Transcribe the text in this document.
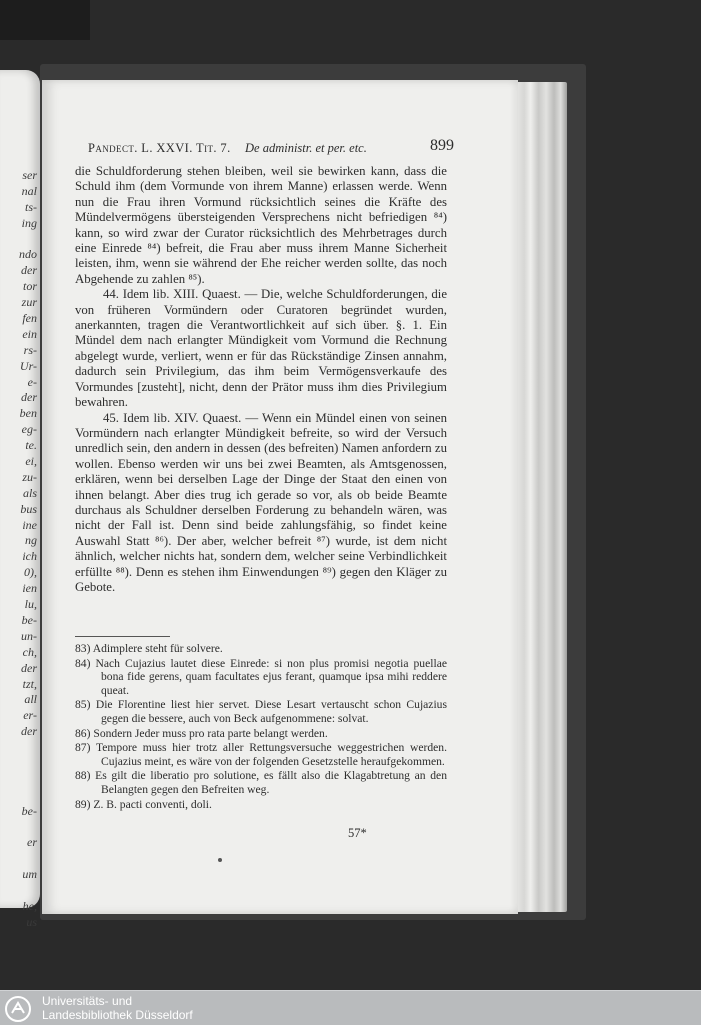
ser
nal
ts-
ing
ndo
der
tor
zur
fen
ein
rs-
Ur-
e-
der
ben
eg-
te.
ei,
zu-
als
bus
ine
ng
ich
0),
ien
lu,
be-
un-
ch,
der
tzt,
all
er-
der
be-
er
um
he,
us
Pandect. L. XXVI. Tit. 7. De administr. et per. etc.	899

die Schuldforderung stehen bleiben, weil sie bewirken kann, dass die Schuld ihm (dem Vormunde von ihrem Manne) erlassen werde. Wenn nun die Frau ihren Vormund rücksichtlich seines die Kräfte des Mündelvermögens übersteigenden Versprechens nicht befriedigen ⁸⁴) kann, so wird zwar der Curator rücksichtlich des Mehrbetrages durch eine Einrede ⁸⁴) befreit, die Frau aber muss ihrem Manne Sicherheit leisten, ihm, wenn sie während der Ehe reicher werden sollte, das noch Abgehende zu zahlen ⁸⁵).

44. Idem lib. XIII. Quaest. — Die, welche Schuldforderungen, die von früheren Vormündern oder Curatoren begründet wurden, anerkannten, tragen die Verantwortlichkeit auf sich über. §. 1. Ein Mündel dem nach erlangter Mündigkeit vom Vormund die Rechnung abgelegt wurde, verliert, wenn er für das Rückständige Zinsen annahm, dadurch sein Privilegium, das ihm beim Vermögensverkaufe des Vormundes [zusteht], nicht, denn der Prätor muss ihm dies Privilegium bewahren.

45. Idem lib. XIV. Quaest. — Wenn ein Mündel einen von seinen Vormündern nach erlangter Mündigkeit befreite, so wird der Versuch unredlich sein, den andern in dessen (des befreiten) Namen anfordern zu wollen. Ebenso werden wir uns bei zwei Beamten, als Amtsgenossen, erklären, wenn bei derselben Lage der Dinge der Staat den einen von ihnen belangt. Aber dies trug ich gerade so vor, als ob beide Beamte durchaus als Schuldner derselben Forderung zu behandeln wären, was nicht der Fall ist. Denn sind beide zahlungsfähig, so findet keine Auswahl Statt ⁸⁶). Der aber, welcher befreit ⁸⁷) wurde, ist dem nicht ähnlich, welcher nichts hat, sondern dem, welcher seine Verbindlichkeit erfüllte ⁸⁸). Denn es stehen ihm Einwendungen ⁸⁹) gegen den Kläger zu Gebote.

83) Adimplere steht für solvere.
84) Nach Cujazius lautet diese Einrede: si non plus promisi negotia puellae bona fide gerens, quam facultates ejus ferant, quamque ipsa mihi reddere queat.
85) Die Florentine liest hier servet. Diese Lesart vertauscht schon Cujazius gegen die bessere, auch von Beck aufgenommene: solvat.
86) Sondern Jeder muss pro rata parte belangt werden.
87) Tempore muss hier trotz aller Rettungsversuche weggestrichen werden. Cujazius meint, es wäre von der folgenden Gesetzstelle heraufgekommen.
88) Es gilt die liberatio pro solutione, es fällt also die Klagabtretung an den Belangten gegen den Befreiten weg.
89) Z. B. pacti conventi, doli.
57*
Universitäts- und
Landesbibliothek Düsseldorf
